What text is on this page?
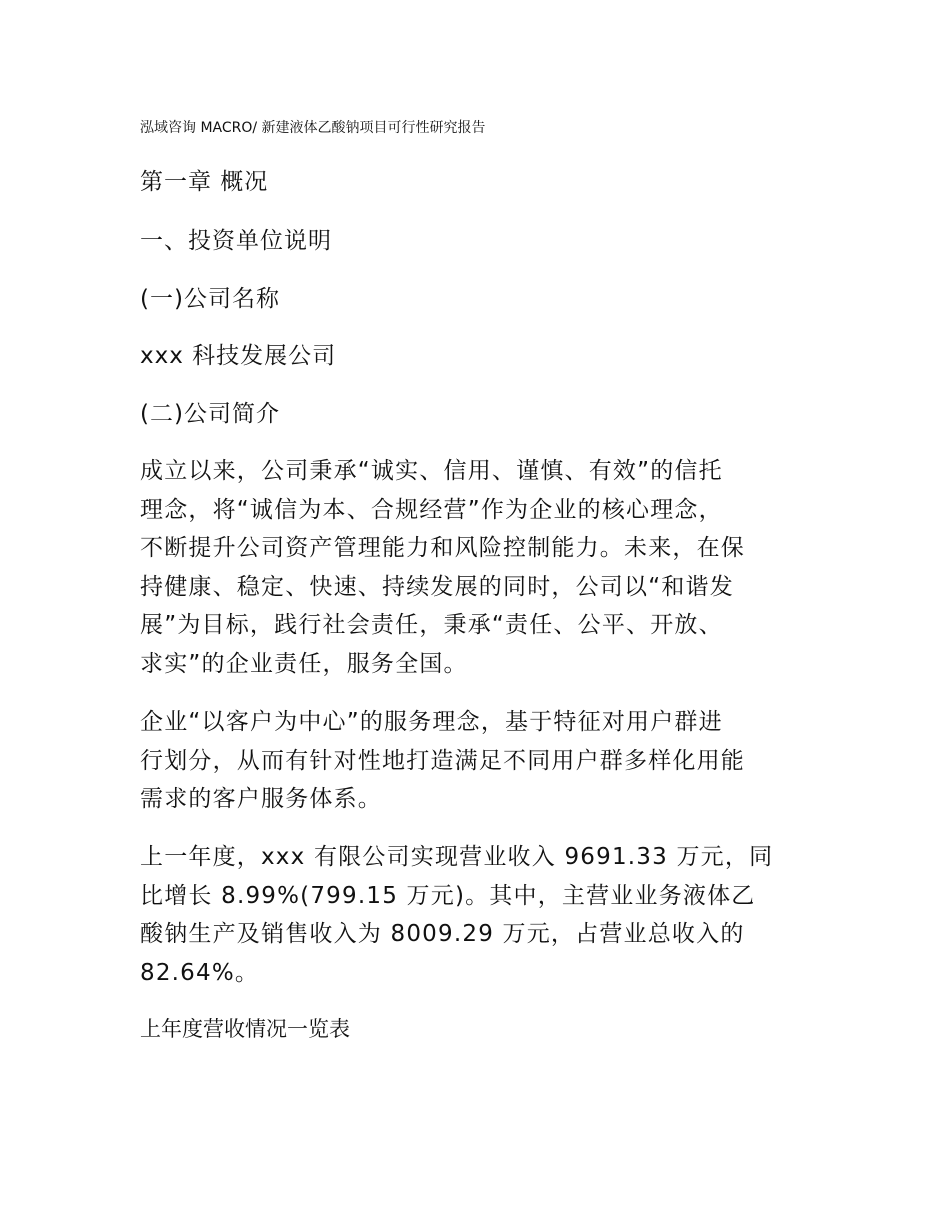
泓域咨询 MACRO/ 新建液体乙酸钠项目可行性研究报告
第一章 概况
一、投资单位说明
(一)公司名称
xxx 科技发展公司
(二)公司简介
成立以来，公司秉承“诚实、信用、谨慎、有效”的信托
理念，将“诚信为本、合规经营”作为企业的核心理念，
不断提升公司资产管理能力和风险控制能力。未来，在保
持健康、稳定、快速、持续发展的同时，公司以“和谐发
展”为目标，践行社会责任，秉承“责任、公平、开放、
求实”的企业责任，服务全国。
企业“以客户为中心”的服务理念，基于特征对用户群进
行划分，从而有针对性地打造满足不同用户群多样化用能
需求的客户服务体系。
上一年度，xxx 有限公司实现营业收入 9691.33 万元，同
比增长 8.99%(799.15 万元)。其中，主营业业务液体乙
酸钠生产及销售收入为 8009.29 万元，占营业总收入的
82.64%。
上年度营收情况一览表
